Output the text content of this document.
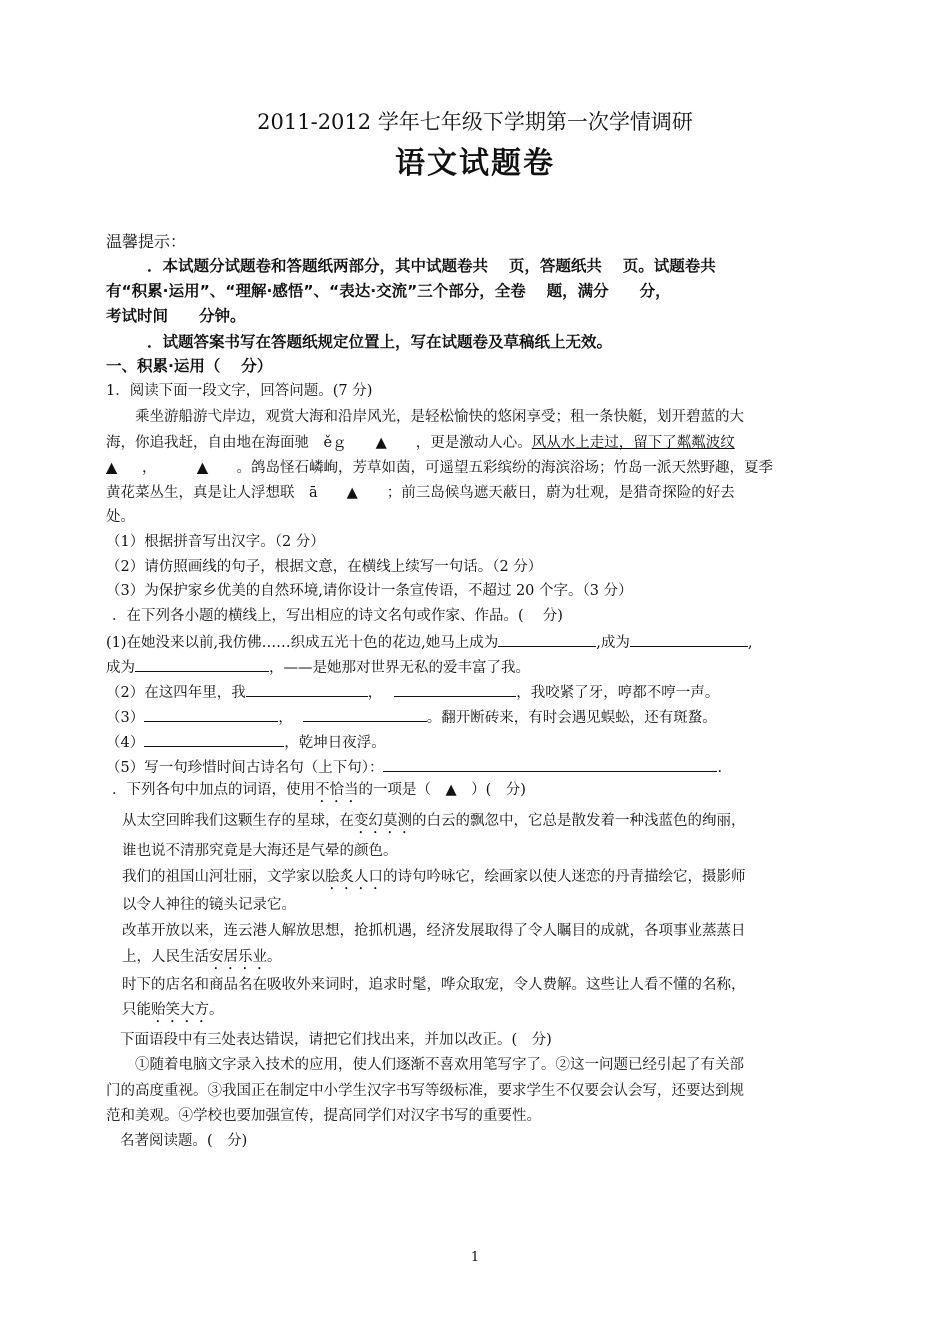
2011-2012 学年七年级下学期第一次学情调研
语文试题卷
温馨提示：
．本试题分试题卷和答题纸两部分，其中试题卷共　 页，答题纸共　 页。试题卷共
有“积累·运用”、“理解·感悟”、“表达·交流”三个部分，全卷　 题，满分　　分，
考试时间　　分钟。
．试题答案书写在答题纸规定位置上，写在试题卷及草稿纸上无效。
一、积累·运用（　 分）
1．阅读下面一段文字，回答问题。(7 分)
乘坐游船游弋岸边，观赏大海和沿岸风光，是轻松愉快的悠闲享受；租一条快艇，划开碧蓝的大
海，你追我赶，自由地在海面驰　ěｇ　　▲　　，更是激动人心。风从水上走过，留下了粼粼波纹
▲ ，	▲ 。鸽岛怪石嶙峋，芳草如茵，可遥望五彩缤纷的海滨浴场；竹岛一派天然野趣，夏季
黄花菜丛生，真是让人浮想联　ā　　▲　　；前三岛候鸟遮天蔽日，蔚为壮观，是猎奇探险的好去
处。
（1）根据拼音写出汉字。（2 分）
（2）请仿照画线的句子，根据文意，在横线上续写一句话。（2 分）
（3）为保护家乡优美的自然环境,请你设计一条宣传语，不超过 20 个字。（3 分）
．在下列各小题的横线上，写出相应的诗文名句或作家、作品。(　 分)
(1)在她没来以前,我仿佛……织成五光十色的花边,她马上成为	,成为	,
成为	，——是她那对世界无私的爱丰富了我。
（2）在这四年里，我	，	，我咬紧了牙，哼都不哼一声。
（3）	，	。翻开断砖来，有时会遇见蜈蚣，还有斑蝥。
（4）	，乾坤日夜浮。
（5）写一句珍惜时间古诗名句（上下句）：	.
．下列各句中加点的词语，使用不恰当的一项是（　▲　）(　分)
从太空回眸我们这颗生存的星球，在变幻莫测的白云的飘忽中，它总是散发着一种浅蓝色的绚丽，
谁也说不清那究竟是大海还是气晕的颜色。
我们的祖国山河壮丽，文学家以脍炙人口的诗句吟咏它，绘画家以使人迷恋的丹青描绘它，摄影师
以令人神往的镜头记录它。
改革开放以来，连云港人解放思想，抢抓机遇，经济发展取得了令人瞩目的成就，各项事业蒸蒸日
上，人民生活安居乐业。
时下的店名和商品名在吸收外来词时，追求时髦，哗众取宠，令人费解。这些让人看不懂的名称，
只能贻笑大方。
下面语段中有三处表达错误，请把它们找出来，并加以改正。(　分)
①随着电脑文字录入技术的应用，使人们逐渐不喜欢用笔写字了。②这一问题已经引起了有关部
门的高度重视。③我国正在制定中小学生汉字书写等级标准，要求学生不仅要会认会写，还要达到规
范和美观。④学校也要加强宣传，提高同学们对汉字书写的重要性。
名著阅读题。(　分)
1
